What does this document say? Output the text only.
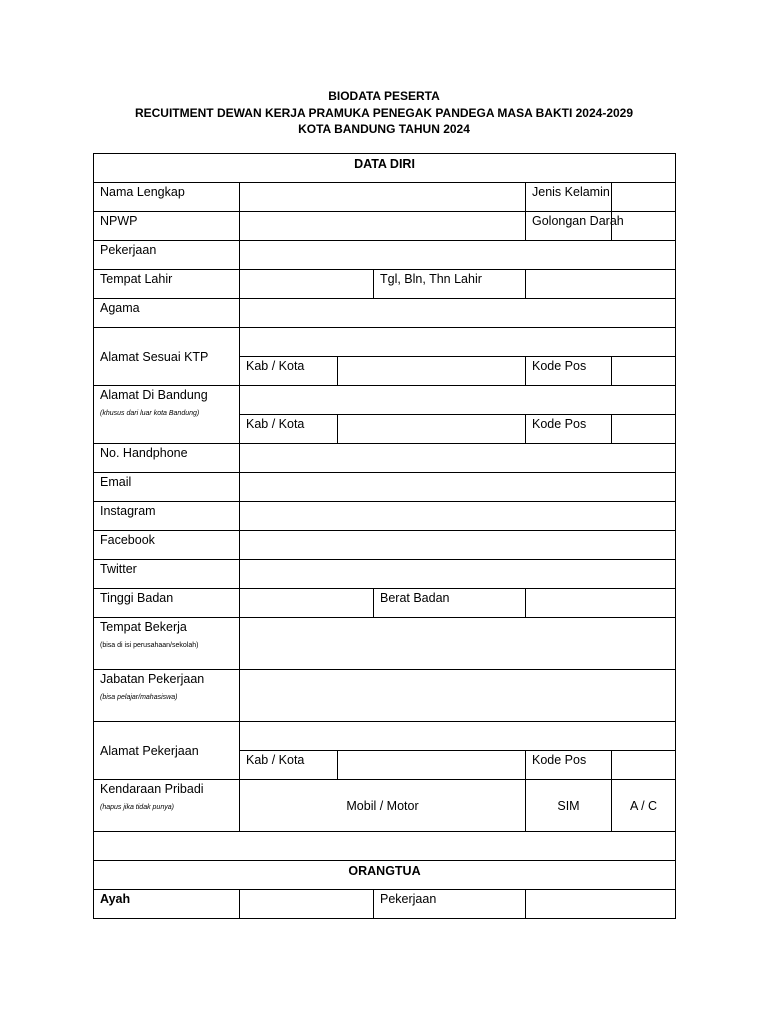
BIODATA PESERTA
RECUITMENT DEWAN KERJA PRAMUKA PENEGAK PANDEGA MASA BAKTI 2024-2029
KOTA BANDUNG TAHUN 2024
DATA DIRI					
Nama Lengkap				Jenis Kelamin	
NPWP				Golongan Darah	
Pekerjaan					
Tempat Lahir			Tgl, Bln, Thn Lahir		
Agama					
Alamat Sesuai KTP					
	Kab / Kota			Kode Pos	

Alamat Di Bandung
(khusus dari luar kota Bandung)					

	Kab / Kota			Kode Pos	
No. Handphone					
Email					
Instagram					
Facebook					
Twitter					
Tinggi Badan			Berat Badan		

Tempat Bekerja
(bisa di isi perusahaan/sekolah)					

Jabatan Pekerjaan
(bisa pelajar/mahasiswa)					

Alamat Pekerjaan					
	Kab / Kota			Kode Pos	

Kendaraan Pribadi
(hapus jika tidak punya)	Mobil / Motor			SIM	A / C

ORANGTUA					
Ayah			Pekerjaan		
